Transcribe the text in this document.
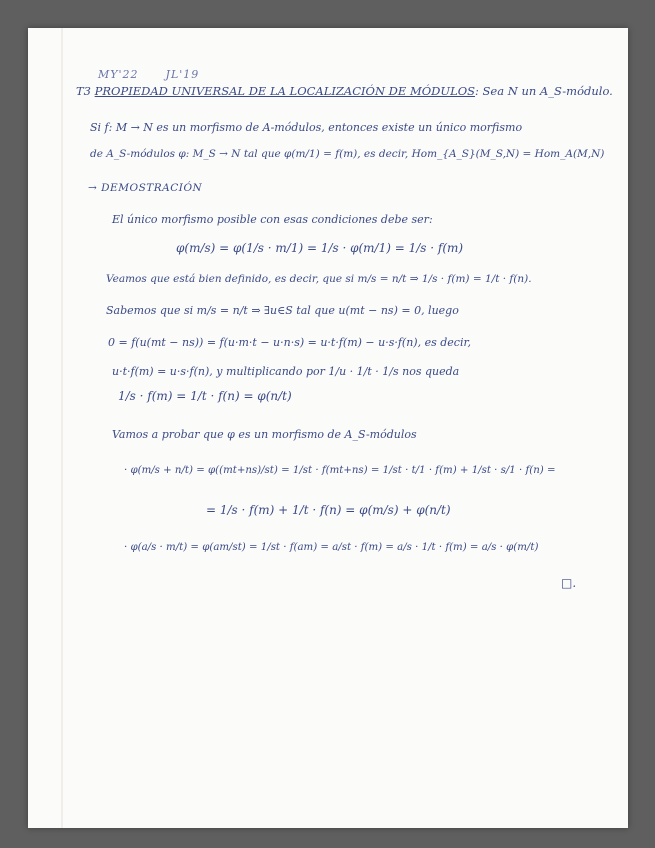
MY'22 JL'19
T3 PROPIEDAD UNIVERSAL DE LA LOCALIZACIÓN DE MÓDULOS: Sea N un A_S-módulo.
Si f: M → N es un morfismo de A-módulos, entonces existe un único morfismo
de A_S-módulos φ: M_S → N tal que φ(m/1) = f(m), es decir, Hom_{A_S}(M_S,N) = Hom_A(M,N)
→ DEMOSTRACIÓN
El único morfismo posible con esas condiciones debe ser:
φ(m/s) = φ(1/s · m/1) = 1/s · φ(m/1) = 1/s · f(m)
Veamos que está bien definido, es decir, que si m/s = n/t ⇒ 1/s · f(m) = 1/t · f(n).
Sabemos que si m/s = n/t ⇒ ∃u∈S tal que u(mt − ns) = 0, luego
0 = f(u(mt − ns)) = f(u·m·t − u·n·s) = u·t·f(m) − u·s·f(n), es decir,
u·t·f(m) = u·s·f(n), y multiplicando por 1/u · 1/t · 1/s nos queda
1/s · f(m) = 1/t · f(n) = φ(n/t)
Vamos a probar que φ es un morfismo de A_S-módulos
· φ(m/s + n/t) = φ((mt+ns)/st) = 1/st · f(mt+ns) = 1/st · t/1 · f(m) + 1/st · s/1 · f(n) =
= 1/s · f(m) + 1/t · f(n) = φ(m/s) + φ(n/t)
· φ(a/s · m/t) = φ(am/st) = 1/st · f(am) = a/st · f(m) = a/s · 1/t · f(m) = a/s · φ(m/t)
□.
